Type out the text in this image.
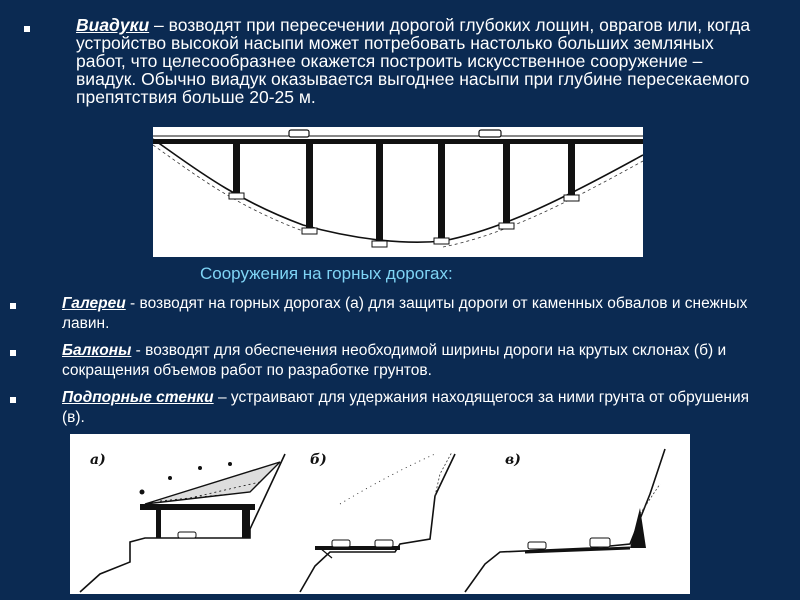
Виадуки – возводят при пересечении дорогой глубоких лощин, оврагов или, когда устройство высокой насыпи может потребовать настолько больших земляных работ, что целесообразнее окажется построить искусственное сооружение – виадук. Обычно виадук оказывается выгоднее насыпи при глубине пересекаемого препятствия больше 20-25 м.
Сооружения на горных дорогах:
Галереи - возводят на горных дорогах (а) для защиты дороги от каменных обвалов и снежных лавин.
Балконы - возводят для обеспечения необходимой ширины дороги на крутых склонах (б) и сокращения объемов работ по разработке грунтов.
Подпорные стенки – устраивают для удержания находящегося за ними грунта от обрушения (в).
а)	б)	в)
